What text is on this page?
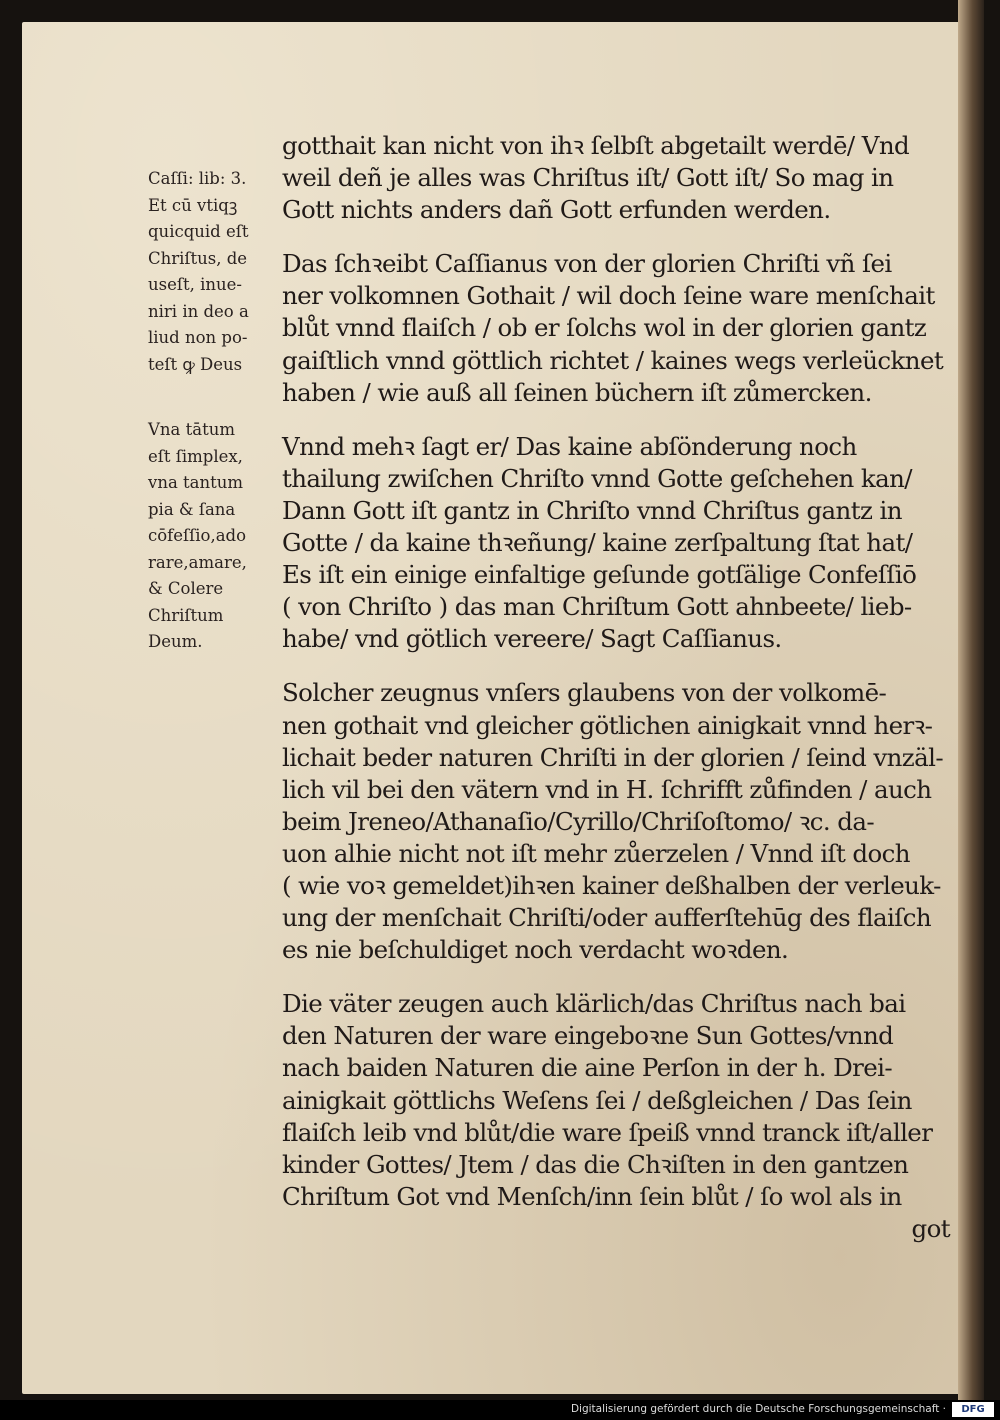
Caſſi: lib: 3.
Et cū vtiqꝫ
quicquid eſt
Chriſtus, de
useſt, inue-
niri in deo a
liud non po-
teſt ꝙ Deus
Vna tātum
eſt ſimplex,
vna tantum
pia & ſana
cōfeſſio,ado
rare,amare,
& Colere
Chriſtum
Deum.
gotthait kan nicht von ihꝛ ſelbſt abgetailt werdē/ Vnd
weil deñ je alles was Chriſtus iſt/ Gott iſt/ So mag in
Gott nichts anders dañ Gott erfunden werden.
Das ſchꝛeibt Caſſianus von der glorien Chriſti vñ ſei
ner volkomnen Gothait / wil doch ſeine ware menſchait
blůt vnnd flaiſch / ob er ſolchs wol in der glorien gantz
gaiſtlich vnnd göttlich richtet / kaines wegs verleücknet
haben / wie auß all ſeinen büchern iſt zůmercken.
Vnnd mehꝛ ſagt er/ Das kaine abſönderung noch
thailung zwiſchen Chriſto vnnd Gotte geſchehen kan/
Dann Gott iſt gantz in Chriſto vnnd Chriſtus gantz in
Gotte / da kaine thꝛeñung/ kaine zerſpaltung ſtat hat/
Es iſt ein einige einfaltige geſunde gotſälige Confeſſiō
( von Chriſto ) das man Chriſtum Gott ahnbeete/ lieb-
habe/ vnd götlich vereere/ Sagt Caſſianus.
Solcher zeugnus vnſers glaubens von der volkomē-
nen gothait vnd gleicher götlichen ainigkait vnnd herꝛ-
lichait beder naturen Chriſti in der glorien / ſeind vnzäl-
lich vil bei den vätern vnd in H. ſchrifft zůfinden / auch
beim Jreneo/Athanaſio/Cyrillo/Chriſoſtomo/ ꝛc. da-
uon alhie nicht not iſt mehr zůerzelen / Vnnd iſt doch
( wie voꝛ gemeldet)ihꝛen kainer deßhalben der verleuk-
ung der menſchait Chriſti/oder aufferſtehūg des flaiſch
es nie beſchuldiget noch verdacht woꝛden.
Die väter zeugen auch klärlich/das Chriſtus nach bai
den Naturen der ware eingeboꝛne Sun Gottes/vnnd
nach baiden Naturen die aine Perſon in der h. Drei-
ainigkait göttlichs Weſens ſei / deßgleichen / Das ſein
flaiſch leib vnd blůt/die ware ſpeiß vnnd tranck iſt/aller
kinder Gottes/ Jtem / das die Chꝛiſten in den gantzen
Chriſtum Got vnd Menſch/inn ſein blůt / ſo wol als in
got
Digitalisierung gefördert durch die Deutsche Forschungsgemeinschaft ·	DFG
